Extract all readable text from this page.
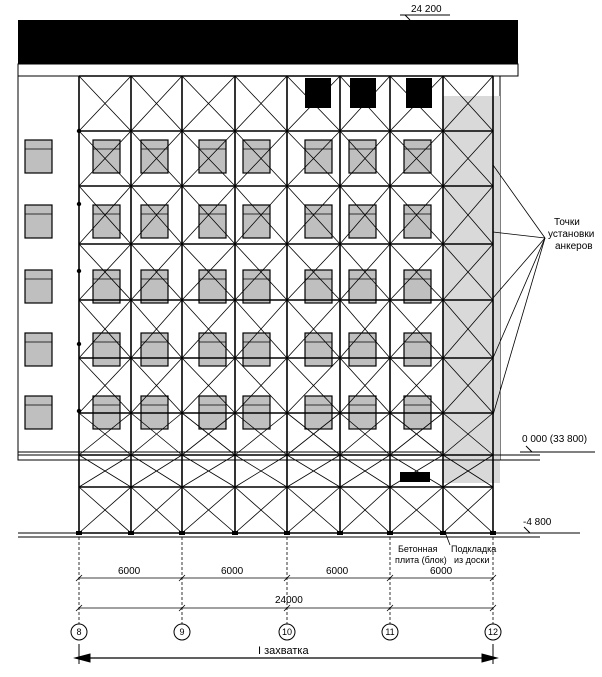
24 200
0 000 (33 800)
-4 800
Точки
установки
анкеров
Бетонная
плита (блок)
Подкладка
из доски
6000	6000	6000	6000
24000
8	9	10	11	12
I захватка
